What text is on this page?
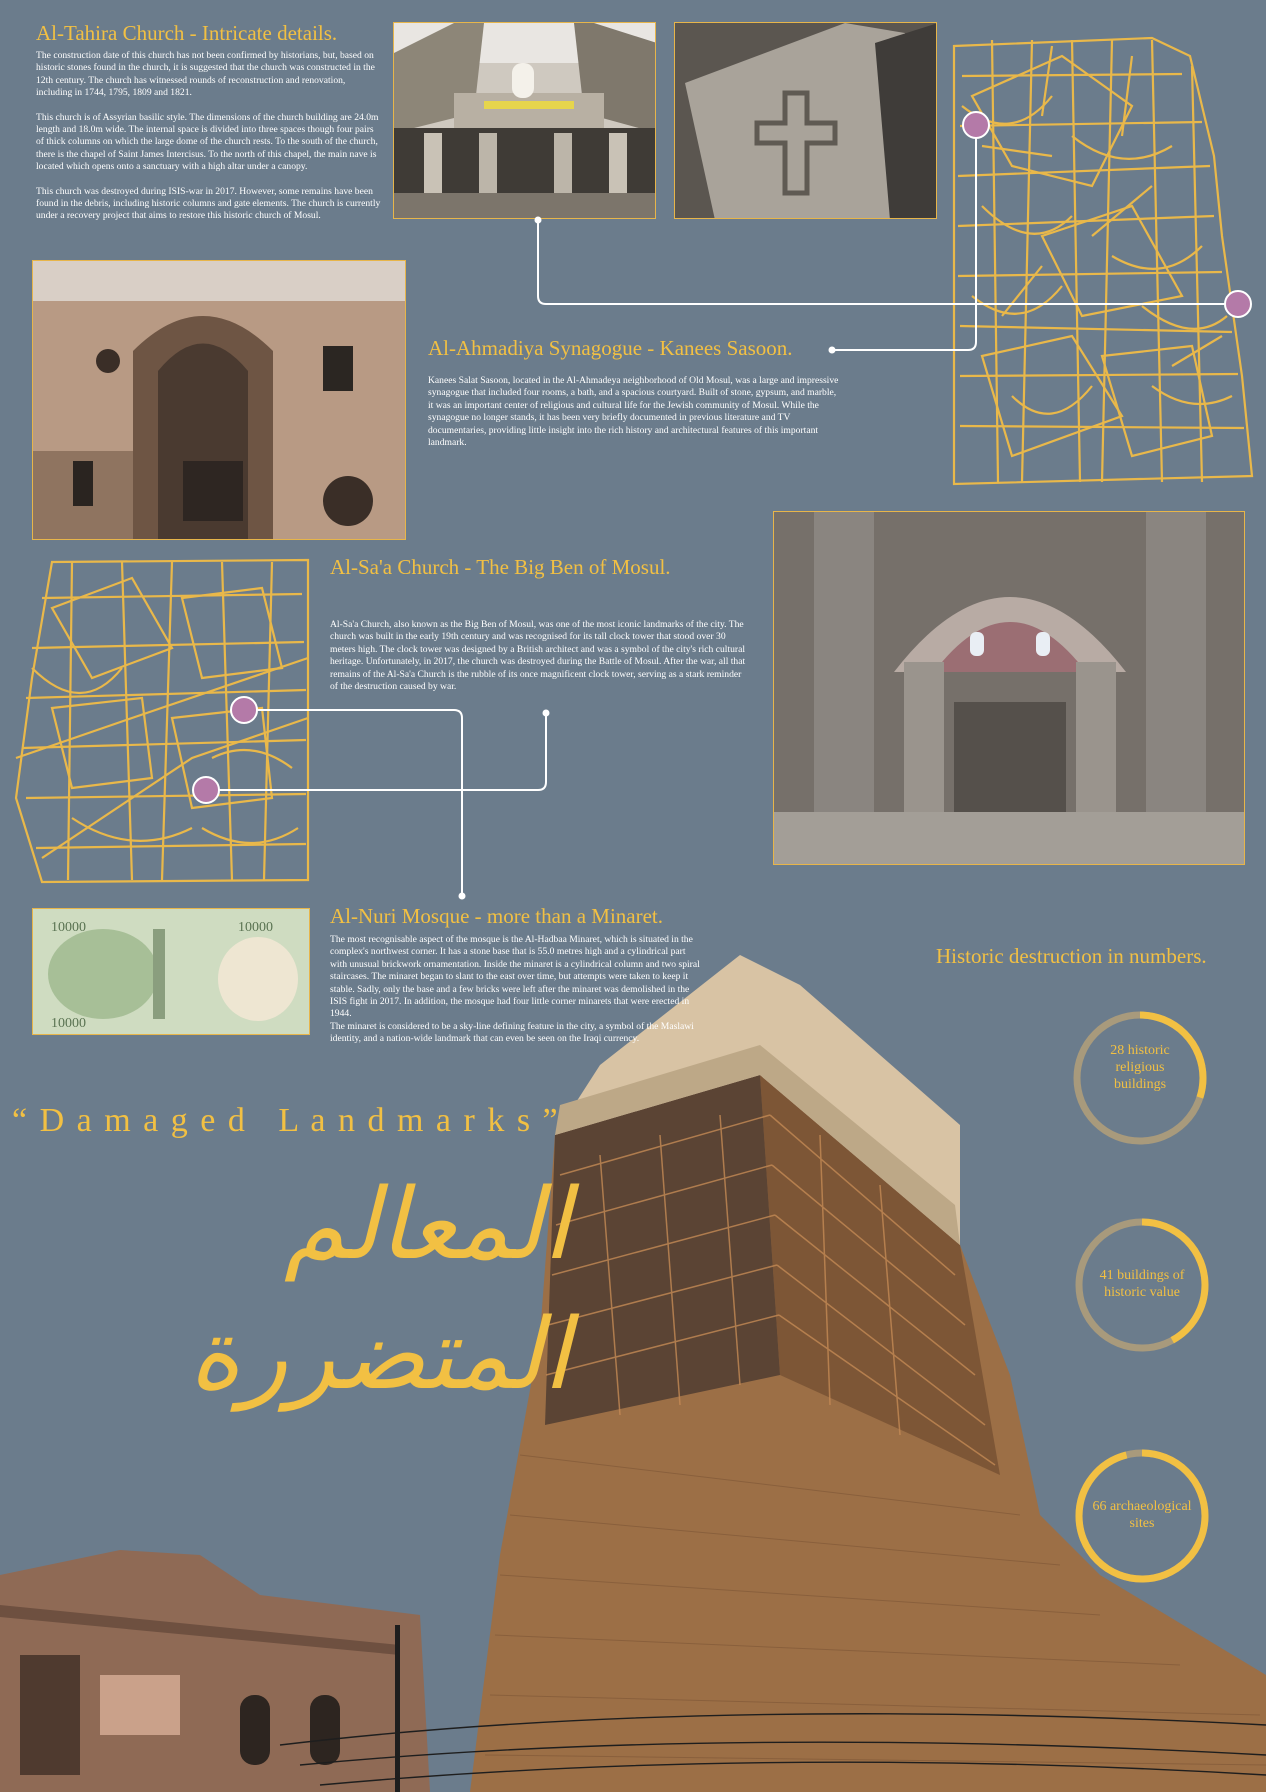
10000	10000
10000
Al-Tahira Church - Intricate details.

The construction date of this church has not been confirmed by historians, but, based on historic stones found in the church, it is suggested that the church was constructed in the 12th century. The church has witnessed rounds of reconstruction and renovation, including in 1744, 1795, 1809 and 1821.

This church is of Assyrian basilic style. The dimensions of the church building are 24.0m length and 18.0m wide. The internal space is divided into three spaces though four pairs of thick columns on which the large dome of the church rests. To the south of the church, there is the chapel of Saint James Intercisus. To the north of this chapel, the main nave is located which opens onto a sanctuary with a high altar under a canopy.

This church was destroyed during ISIS-war in 2017. However, some remains have been found in the debris, including historic columns and gate elements. The church is currently under a recovery project that aims to restore this historic church of Mosul.

Al-Ahmadiya Synagogue - Kanees Sasoon.
Kanees Salat Sasoon, located in the Al-Ahmadeya neighborhood of Old Mosul, was a large and impressive synagogue that included four rooms, a bath, and a spacious courtyard. Built of stone, gypsum, and marble, it was an important center of religious and cultural life for the Jewish community of Mosul. While the synagogue no longer stands, it has been very briefly documented in previous literature and TV documentaries, providing little insight into the rich history and architectural features of this important landmark.
Al-Sa'a Church - The Big Ben of Mosul.
Al-Sa'a Church, also known as the Big Ben of Mosul, was one of the most iconic landmarks of the city. The church was built in the early 19th century and was recognised for its tall clock tower that stood over 30 meters high. The clock tower was designed by a British architect and was a symbol of the city's rich cultural heritage. Unfortunately, in 2017, the church was destroyed during the Battle of Mosul. After the war, all that remains of the Al-Sa'a Church is the rubble of its once magnificent clock tower, serving as a stark reminder of the destruction caused by war.
Al-Nuri Mosque - more than a Minaret.
The most recognisable aspect of the mosque is the Al-Hadbaa Minaret, which is situated in the complex's northwest corner. It has a stone base that is 55.0 metres high and a cylindrical part with unusual brickwork ornamentation. Inside the minaret is a cylindrical column and two spiral staircases. The minaret began to slant to the east over time, but attempts were taken to keep it stable. Sadly, only the base and a few bricks were left after the minaret was demolished in the ISIS fight in 2017. In addition, the mosque had four little corner minarets that were erected in 1944.
The minaret is considered to be a sky-line defining feature in the city, a symbol of the Maslawi identity, and a nation-wide landmark that can even be seen on the Iraqi currency.
“ D a m a g e d   L a n d m a r k s ”
المعالم المتضررة
Historic destruction in numbers.
28 historic religious buildings
41 buildings of historic value
66 archaeological sites
